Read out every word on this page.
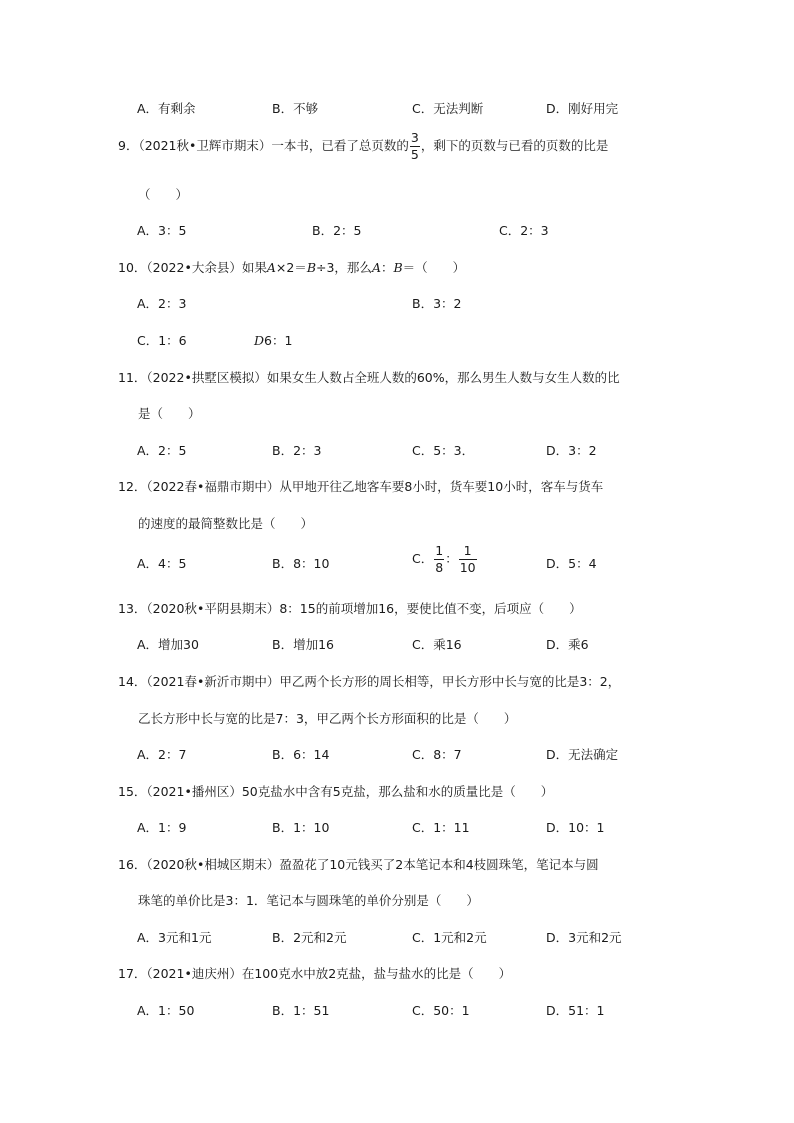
A．有剩余	B．不够	C．无法判断	D．刚好用完
9．（2021秋•卫辉市期末）一本书，已看了总页数的 $\frac{3}{5}$ ，剩下的页数与已看的页数的比是
（　　）
A．3：5	B．2：5	C．2：3
10．（2022•大余县）如果A×2＝B÷3，那么A：B＝（　　）
A．2：3	B．3：2
C．1：6	D6：1
11．（2022•拱墅区模拟）如果女生人数占全班人数的60%，那么男生人数与女生人数的比
是（　　）
A．2：5	B．2：3	C．5：3．	D．3：2
12．（2022春•福鼎市期中）从甲地开往乙地客车要8小时，货车要10小时，客车与货车
的速度的最简整数比是（　　）
A．4：5	B．8：10	C． $\frac{1}{8}$ ： $\frac{1}{10}$	D．5：4
13．（2020秋•平阴县期末）8：15的前项增加16，要使比值不变，后项应（　　）
A．增加30	B．增加16	C．乘16	D．乘6
14．（2021春•新沂市期中）甲乙两个长方形的周长相等，甲长方形中长与宽的比是3：2，
乙长方形中长与宽的比是7：3，甲乙两个长方形面积的比是（　　）
A．2：7	B．6：14	C．8：7	D．无法确定
15．（2021•播州区）50克盐水中含有5克盐，那么盐和水的质量比是（　　）
A．1：9	B．1：10	C．1：11	D．10：1
16．（2020秋•相城区期末）盈盈花了10元钱买了2本笔记本和4枝圆珠笔，笔记本与圆
珠笔的单价比是3：1．笔记本与圆珠笔的单价分别是（　　）
A．3元和1元	B．2元和2元	C．1元和2元	D．3元和2元
17．（2021•迪庆州）在100克水中放2克盐，盐与盐水的比是（　　）
A．1：50	B．1：51	C．50：1	D．51：1
